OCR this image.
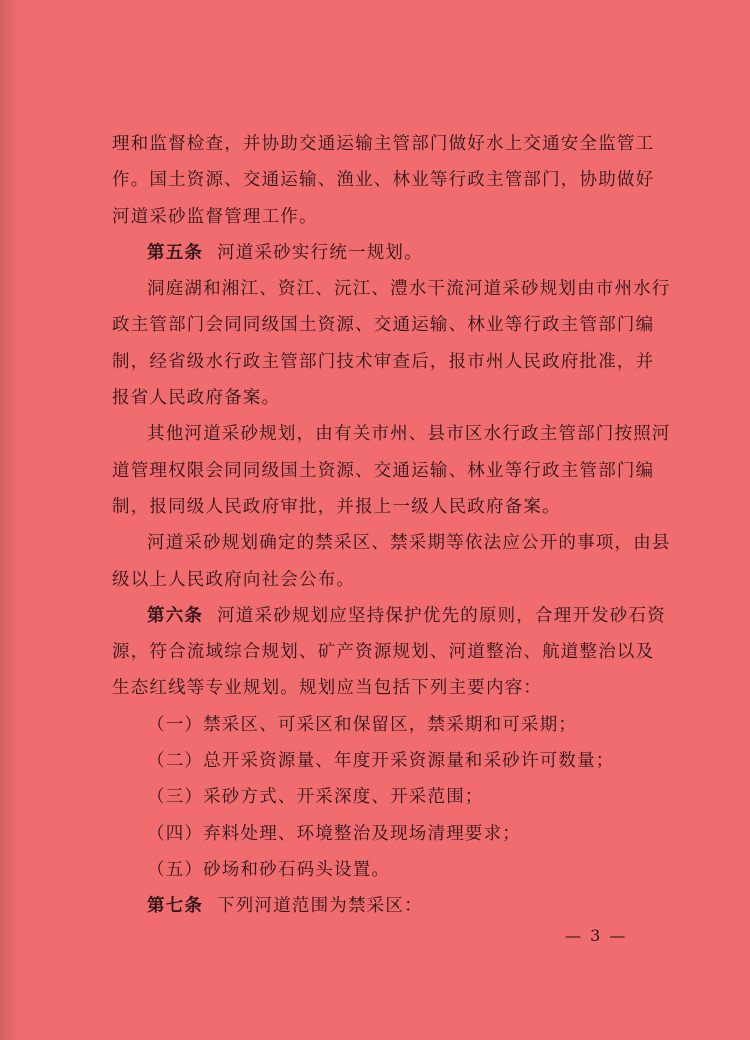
理和监督检查，并协助交通运输主管部门做好水上交通安全监管工作。国土资源、交通运输、渔业、林业等行政主管部门，协助做好河道采砂监督管理工作。

第五条 河道采砂实行统一规划。

洞庭湖和湘江、资江、沅江、澧水干流河道采砂规划由市州水行政主管部门会同同级国土资源、交通运输、林业等行政主管部门编制，经省级水行政主管部门技术审查后，报市州人民政府批准，并报省人民政府备案。

其他河道采砂规划，由有关市州、县市区水行政主管部门按照河道管理权限会同同级国土资源、交通运输、林业等行政主管部门编制，报同级人民政府审批，并报上一级人民政府备案。

河道采砂规划确定的禁采区、禁采期等依法应公开的事项，由县级以上人民政府向社会公布。

第六条 河道采砂规划应坚持保护优先的原则，合理开发砂石资源，符合流域综合规划、矿产资源规划、河道整治、航道整治以及生态红线等专业规划。规划应当包括下列主要内容：

（一）禁采区、可采区和保留区，禁采期和可采期；

（二）总开采资源量、年度开采资源量和采砂许可数量；

（三）采砂方式、开采深度、开采范围；

（四）弃料处理、环境整治及现场清理要求；

（五）砂场和砂石码头设置。

第七条 下列河道范围为禁采区：

— 3 —
